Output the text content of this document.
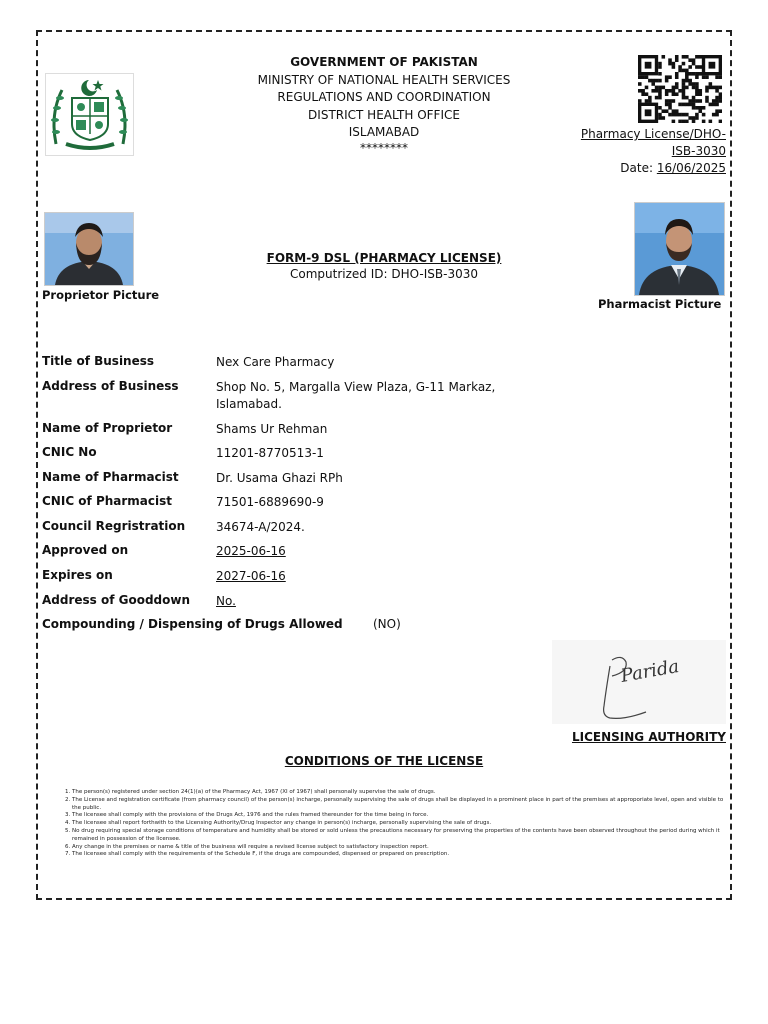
GOVERNMENT OF PAKISTAN
MINISTRY OF NATIONAL HEALTH SERVICES
REGULATIONS AND COORDINATION
DISTRICT HEALTH OFFICE
ISLAMABAD
********
Pharmacy License/DHO-
ISB-3030
Date: 16/06/2025
Proprietor Picture
Pharmacist Picture
FORM-9 DSL (PHARMACY LICENSE)
Computrized ID: DHO-ISB-3030
Title of Business	Nex Care Pharmacy
Address of Business	Shop No. 5, Margalla View Plaza, G-11 Markaz, Islamabad.
Name of Proprietor	Shams Ur Rehman
CNIC No	11201-8770513-1
Name of Pharmacist	Dr. Usama Ghazi RPh
CNIC of Pharmacist	71501-6889690-9
Council Regristration	34674-A/2024.
Approved on	2025-06-16
Expires on	2027-06-16
Address of Gooddown	No.
Compounding / Dispensing of Drugs Allowed	(NO)
Parida
LICENSING AUTHORITY
CONDITIONS OF THE LICENSE
1. The person(s) registered under section 24(1)(a) of the Pharmacy Act, 1967 (XI of 1967) shall personally supervise the sale of drugs.
2. The License and registration certificate (from pharmacy council) of the person(s) incharge, personally supervising the sale of drugs shall be displayed in a prominent place in part of the premises at approporiate level, open and visible to the public.
3. The licensee shall comply with the provisions of the Drugs Act, 1976 and the rules framed thereunder for the time being in force.
4. The licensee shall report forthwith to the Licensing Authority/Drug Inspector any change in person(s) incharge, personally supervising the sale of drugs.
5. No drug requiring special storage conditions of temperature and humidity shall be stored or sold unless the precautions necessary for preserving the properties of the contents have been observed throughout the period during which it remained in possession of the licensee.
6. Any change in the premises or name & title of the business will require a revised license subject to satisfactory inspection report.
7. The licensee shall comply with the requirements of the Schedule F, if the drugs are compounded, dispensed or prepared on prescription.
